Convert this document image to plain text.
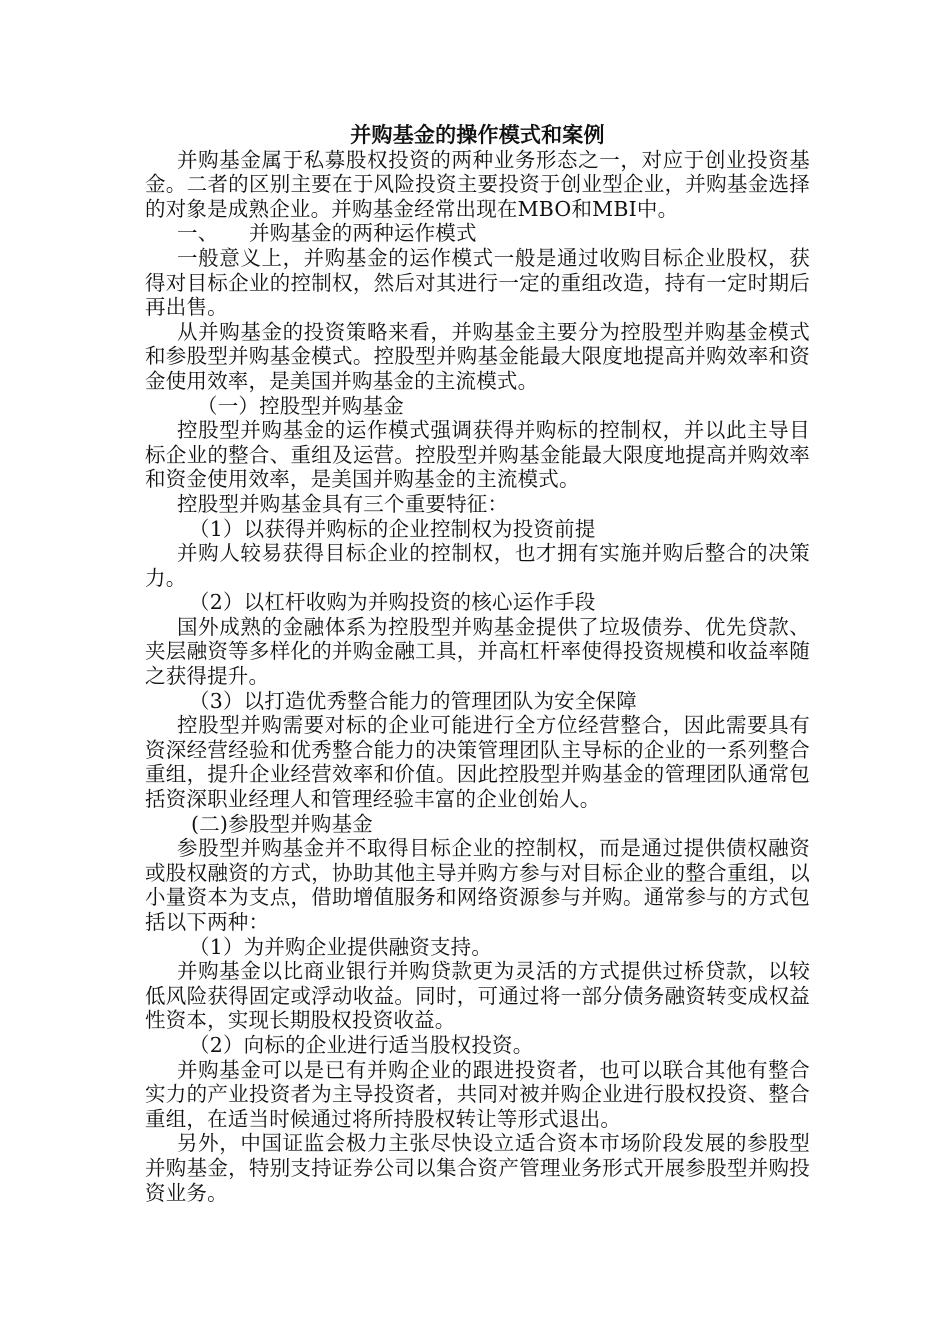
并购基金的操作模式和案例

并购基金属于私募股权投资的两种业务形态之一，对应于创业投资基金。二者的区别主要在于风险投资主要投资于创业型企业，并购基金选择的对象是成熟企业。并购基金经常出现在MBO和MBI中。

一、 并购基金的两种运作模式

一般意义上，并购基金的运作模式一般是通过收购目标企业股权，获得对目标企业的控制权，然后对其进行一定的重组改造，持有一定时期后再出售。

从并购基金的投资策略来看，并购基金主要分为控股型并购基金模式和参股型并购基金模式。控股型并购基金能最大限度地提高并购效率和资金使用效率，是美国并购基金的主流模式。

（一）控股型并购基金

控股型并购基金的运作模式强调获得并购标的控制权，并以此主导目标企业的整合、重组及运营。控股型并购基金能最大限度地提高并购效率和资金使用效率，是美国并购基金的主流模式。

控股型并购基金具有三个重要特征：

（1）以获得并购标的企业控制权为投资前提

并购人较易获得目标企业的控制权，也才拥有实施并购后整合的决策力。

（2）以杠杆收购为并购投资的核心运作手段

国外成熟的金融体系为控股型并购基金提供了垃圾债券、优先贷款、夹层融资等多样化的并购金融工具，并高杠杆率使得投资规模和收益率随之获得提升。

（3）以打造优秀整合能力的管理团队为安全保障

控股型并购需要对标的企业可能进行全方位经营整合，因此需要具有资深经营经验和优秀整合能力的决策管理团队主导标的企业的一系列整合重组，提升企业经营效率和价值。因此控股型并购基金的管理团队通常包括资深职业经理人和管理经验丰富的企业创始人。

(二)参股型并购基金

参股型并购基金并不取得目标企业的控制权，而是通过提供债权融资或股权融资的方式，协助其他主导并购方参与对目标企业的整合重组，以小量资本为支点，借助增值服务和网络资源参与并购。通常参与的方式包括以下两种：

（1）为并购企业提供融资支持。

并购基金以比商业银行并购贷款更为灵活的方式提供过桥贷款，以较低风险获得固定或浮动收益。同时，可通过将一部分债务融资转变成权益性资本，实现长期股权投资收益。

（2）向标的企业进行适当股权投资。

并购基金可以是已有并购企业的跟进投资者，也可以联合其他有整合实力的产业投资者为主导投资者，共同对被并购企业进行股权投资、整合重组，在适当时候通过将所持股权转让等形式退出。

另外，中国证监会极力主张尽快设立适合资本市场阶段发展的参股型并购基金，特别支持证券公司以集合资产管理业务形式开展参股型并购投资业务。
